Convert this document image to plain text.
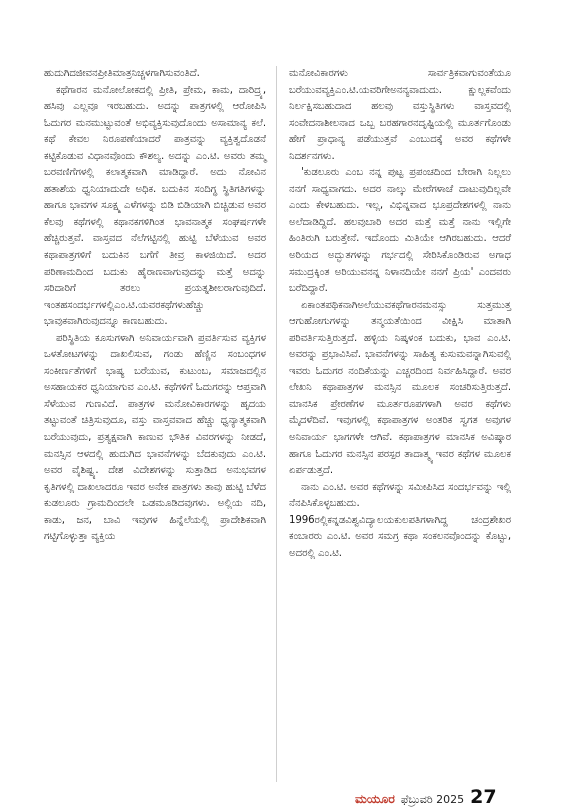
ಹುದುಗಿದಜೀವನಪ್ರೀತಿಮಾತ್ರನಿಚ್ಚಳಗಾಗಿಸುವಂತಿದೆ.

ಕಥೆಗಾರನ ಮನೋಲೋಕದಲ್ಲಿ ಪ್ರೀತಿ, ಪ್ರೇಮ, ಕಾಮ, ದಾರಿದ್ರ್ಯ, ಹಸಿವು ಎಲ್ಲವೂ ಇರಬಹುದು. ಅದನ್ನು ಪಾತ್ರಗಳಲ್ಲಿ ಆರೋಪಿಸಿ ಓದುಗರ ಮನಮುಟ್ಟುವಂತೆ ಅಭಿವ್ಯಕ್ತಿಸುವುದೊಂದು ಅಸಾಮಾನ್ಯ ಕಲೆ. ಕಥೆ ಕೇವಲ ನಿರೂಪಣೆಯಾದರೆ ಪಾತ್ರವನ್ನು ವ್ಯಕ್ತಿತ್ವದೊಡನೆ ಕಟ್ಟಿಕೊಡುವ ವಿಧಾನವೊಂದು ಕೌಶಲ್ಯ. ಅದನ್ನು ಎಂ.ಟಿ. ಅವರು ತಮ್ಮ ಬರವಣಿಗೆಗಳಲ್ಲಿ ಕಲಾತ್ಮಕವಾಗಿ ಮಾಡಿದ್ದಾರೆ. ಅದು ನೋವಿನ ಹತಾಶೆಯ ಧ್ವನಿಯಾದುದೇ ಅಧಿಕ. ಬದುಕಿನ ಸಂದಿಗ್ಧ ಸ್ಥಿತಿಗತಿಗಳನ್ನು ಹಾಗೂ ಭಾವಗಳ ಸೂಕ್ಷ್ಮ ಎಳೆಗಳನ್ನು ಬಿಡಿ ಬಿಡಿಯಾಗಿ ಬಿಚ್ಚಿಡುವ ಅವರ ಕೆಲವು ಕಥೆಗಳಲ್ಲಿ ಕಥಾನಕಗಳಿಗಿಂತ ಭಾವನಾತ್ಮಕ ಸಂಘರ್ಷಗಳೇ ಹೆಚ್ಚಿರುತ್ತವೆ. ವಾಸ್ತವದ ನೆಲೆಗಟ್ಟಿನಲ್ಲಿ ಹುಟ್ಟಿ ಬೆಳೆಯುವ ಅವರ ಕಥಾಪಾತ್ರಗಳಿಗೆ ಬದುಕಿನ ಬಗೆಗೆ ತೀವ್ರ ಕಾಳಜಿಯಿದೆ. ಅದರ ಪರಿಣಾಮದಿಂದ ಬದುಕು ಹೈರಾಣವಾಗುವುದನ್ನು ಮತ್ತೆ ಅದನ್ನು ಸರಿದಾರಿಗೆ ತರಲು ಪ್ರಯತ್ನಶೀಲರಾಗುವುದಿದೆ. ಇಂತಹಸಂದರ್ಭಗಳಲ್ಲಿಎಂ.ಟಿ.ಯವರಕಥೆಗಳುಹೆಚ್ಚು ಭಾವುಕವಾಗಿರುವುದನ್ನೂ ಕಾಣಬಹುದು.

ಪರಿಸ್ಥಿತಿಯ ಕೂಸುಗಳಾಗಿ ಅನಿವಾರ್ಯವಾಗಿ ಪ್ರವರ್ತಿಸುವ ವ್ಯಕ್ತಿಗಳ ಒಳತೋಟಗಳನ್ನು ದಾಖಲಿಸುವ, ಗಂಡು ಹೆಣ್ಣಿನ ಸಂಬಂಧಗಳ ಸಂಕೀರ್ಣತೆಗಳಿಗೆ ಭಾಷ್ಯ ಬರೆಯುವ, ಕುಟುಂಬ, ಸಮಾಜದಲ್ಲಿನ ಅಸಹಾಯಕರ ಧ್ವನಿಯಾಗುವ ಎಂ.ಟಿ. ಕಥೆಗಳಿಗೆ ಓದುಗರನ್ನು ಆಪ್ತವಾಗಿ ಸೆಳೆಯುವ ಗುಣವಿದೆ. ಪಾತ್ರಗಳ ಮನೋವಿಕಾರಗಳನ್ನು ಹೃದಯ ತಟ್ಟುವಂತೆ ಚಿತ್ರಿಸುವುದೂ, ವಸ್ತು ವಾಸ್ತವವಾದ ಹೆಚ್ಚು ಧ್ವನ್ಯಾತ್ಮಕವಾಗಿ ಬರೆಯುವುದು, ಪ್ರತ್ಯಕ್ಷವಾಗಿ ಕಾಣುವ ಭೌತಿಕ ವಿವರಗಳನ್ನು ನೀಡದೆ, ಮನಸ್ಸಿನ ಆಳದಲ್ಲಿ ಹುದುಗಿದ ಭಾವನೆಗಳನ್ನು ಬೆದಕುವುದು ಎಂ.ಟಿ. ಅವರ ವೈಶಿಷ್ಟ್ಯ. ದೇಶ ವಿದೇಶಗಳನ್ನು ಸುತ್ತಾಡಿದ ಅನುಭವಗಳ ಕೃತಿಗಳಲ್ಲಿ ದಾಖಲಾದರೂ ಇವರ ಅನೇಕ ಪಾತ್ರಗಳು ತಾವು ಹುಟ್ಟಿ ಬೆಳೆದ ಕುಡಲೂರು ಗ್ರಾಮದಿಂದಲೇ ಒಡಮೂಡಿದವುಗಳು. ಅಲ್ಲಿಯ ನದಿ, ಕಾಡು, ಜನ, ಬಾವಿ ಇವುಗಳ ಹಿನ್ನೆಲೆಯಲ್ಲಿ ಪ್ರಾದೇಶಿಕವಾಗಿ ಗಟ್ಟಿಗೊಳ್ಳುತ್ತಾ ವ್ಯಕ್ತಿಯ

ಮನೋವಿಕಾರಗಳು ಸಾರ್ವತ್ರಿಕವಾಗುವಂತೆಯೂ ಬರೆಯುವವ್ಯಕ್ತಿಎಂ.ಟಿ.ಯವರಿಗೇಅನನ್ಯವಾದುದು. ಕ್ಷುಲ್ಲಕವೆಂದು ನಿರ್ಲಕ್ಷಿಸಬಹುದಾದ ಹಲವು ವಸ್ತುಸ್ಥಿತಿಗಳು ವಾಸ್ತವದಲ್ಲಿ ಸಂವೇದನಾಶೀಲನಾದ ಒಬ್ಬ ಬರಹಗಾರನದೃಷ್ಟಿಯಲ್ಲಿ ಮೂರ್ತಗೊಂಡು ಹೇಗೆ ಪ್ರಾಧಾನ್ಯ ಪಡೆಯುತ್ತವೆ ಎಂಬುದಕ್ಕೆ ಅವರ ಕಥೆಗಳೇ ನಿದರ್ಶನಗಳು.

'ಕುಡಲೂರು ಎಂಬ ನನ್ನ ಪುಟ್ಟ ಪ್ರಪಂಚದಿಂದ ಬೇರಾಗಿ ನಿಲ್ಲಲು ನನಗೆ ಸಾಧ್ಯವಾಗದು. ಅದರ ನಾಲ್ಕು ಮೇರೆಗಳಾಚೆ ದಾಟುವುದಿಲ್ಲವೇ ಎಂದು ಕೇಳಬಹುದು. ಇಲ್ಲ, ವಿಭಿನ್ನವಾದ ಭೂಪ್ರದೇಶಗಳಲ್ಲಿ ನಾನು ಅಲೆದಾಡಿದ್ದಿದೆ. ಹಲವುಬಾರಿ ಅದರ ಮತ್ತೆ ಮತ್ತೆ ನಾನು ಇಲ್ಲಿಗೇ ಹಿಂತಿರುಗಿ ಬರುತ್ತೇನೆ. ಇದೊಂದು ಮಿತಿಯೇ ಆಗಿರಬಹುದು. ಆದರೆ ಅರಿಯದ ಅದ್ಭುತಗಳನ್ನು ಗರ್ಭದಲ್ಲಿ ಸೇರಿಸಿಕೊಂಡಿರುವ ಅಗಾಧ ಸಮುದ್ರಕ್ಕಿಂತ ಅರಿಯುವನನ್ನ ನಿಳಾನದಿಯೇ ನನಗೆ ಪ್ರಿಯ' ಎಂದವರು ಬರೆದಿದ್ದಾರೆ.

ಏಕಾಂತಪಥಿಕನಾಗಿಅಲೆಯುವಕಥೆಗಾರನಮನಸ್ಸು ಸುತ್ತಮುತ್ತ ಆಗುಹೋಗುಗಳನ್ನು ತನ್ಮಯತೆಯಿಂದ ವೀಕ್ಷಿಸಿ ಮಾತಾಗಿ ಪರಿವರ್ತಿಸುತ್ತಿರುತ್ತದೆ. ಹಳ್ಳಿಯ ನಿಷ್ಕಳಂಕ ಬದುಕು, ಭಾವ ಎಂ.ಟಿ. ಅವರನ್ನು ಪ್ರಭಾವಿಸಿವೆ. ಭಾವನೆಗಳನ್ನು ಸಾಹಿತ್ಯ ಕುಸುಮವನ್ನಾಗಿಸುವಲ್ಲಿ ಇವರು ಓದುಗರ ನಂದಿಕೆಯನ್ನು ಎಚ್ಚರದಿಂದ ನಿರ್ವಹಿಸಿದ್ದಾರೆ. ಅವರ ಲೇಖನಿ ಕಥಾಪಾತ್ರಗಳ ಮನಸ್ಸಿನ ಮೂಲಕ ಸಂಚರಿಸುತ್ತಿರುತ್ತದೆ. ಮಾನಸಿಕ ಪ್ರೇರಣೆಗಳ ಮೂರ್ತರೂಪಗಳಾಗಿ ಅವರ ಕಥೆಗಳು ಮೈದಳೆದಿವೆ. ಇವುಗಳಲ್ಲಿ ಕಥಾಪಾತ್ರಗಳ ಅಂತರಿಕ ಸ್ವಗತ ಅವುಗಳ ಅನಿವಾರ್ಯ ಭಾಗಗಳೇ ಆಗಿವೆ. ಕಥಾಪಾತ್ರಗಳ ಮಾನಸಿಕ ಅವಿಷ್ಕಾರ ಹಾಗೂ ಓದುಗರ ಮನಸ್ಸಿನ ಪರಸ್ಪರ ತಾದಾತ್ಮ್ಯ ಇವರ ಕಥೆಗಳ ಮೂಲಕ ಏರ್ಪಡುತ್ತದೆ.

ನಾನು ಎಂ.ಟಿ. ಅವರ ಕಥೆಗಳನ್ನು ಸಮೀಪಿಸಿದ ಸಂದರ್ಭವನ್ನು ಇಲ್ಲಿ ನೆನಪಿಸಿಕೊಳ್ಳಬಹುದು. 1996ರಲ್ಲಿಕನ್ನಡವಿಶ್ವವಿದ್ಯಾಲಯಕುಲಪತಿಗಳಾಗಿದ್ದ ಚಂದ್ರಶೇಖರ ಕಂಬಾರರು ಎಂ.ಟಿ. ಅವರ ಸಮಗ್ರ ಕಥಾ ಸಂಕಲನವೊಂದನ್ನು ಕೊಟ್ಟು, ಅದರಲ್ಲಿ ಎಂ.ಟಿ.

ಮಯೂರ ಫೆಬ್ರುವರಿ 2025 27
